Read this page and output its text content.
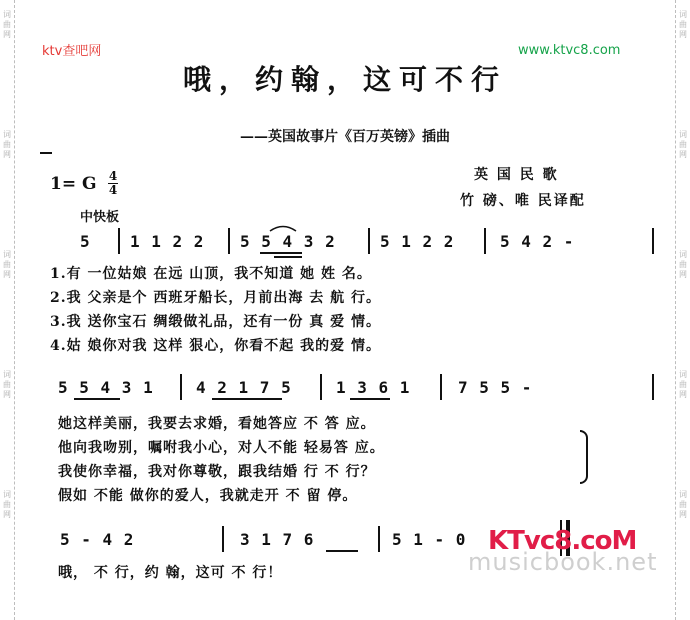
词曲网
词曲网
词曲网
词曲网
词曲网
词曲网
词曲网
词曲网
词曲网
词曲网
ktv查吧网	www.ktvc8.com
哦，约翰，这可不行
——英国故事片《百万英镑》插曲
1= G 4
4
中快板
英 国 民 歌
竹 磅、唯 民译配
5 1 1 2 2 5 5 4 3 2	5 1 2 2	5 4 2 -
1.有 一位姑娘 在远 山顶，我不知道 她 姓 名。
2.我 父亲是个 西班牙船长，月前出海 去 航 行。
3.我 送你宝石 绸缎做礼品，还有一份 真 爱 情。
4.姑 娘你对我 这样 狠心，你看不起 我的爱 情。
5 5 4 3 1	4 2 1 7 5	1 3 6 1	7 5 5 -
她这样美丽，我要去求婚，看她答应 不 答 应。
他向我吻别，嘱咐我小心，对人不能 轻易答 应。
我使你幸福，我对你尊敬，跟我结婚 行 不 行？
假如 不能 做你的爱人，我就走开 不 留 停。
5 - 4 2	3 1 7 6	5 1 - 0
哦， 不 行，约 翰，这可 不 行！	musicbook.net
KTvc8.coM
